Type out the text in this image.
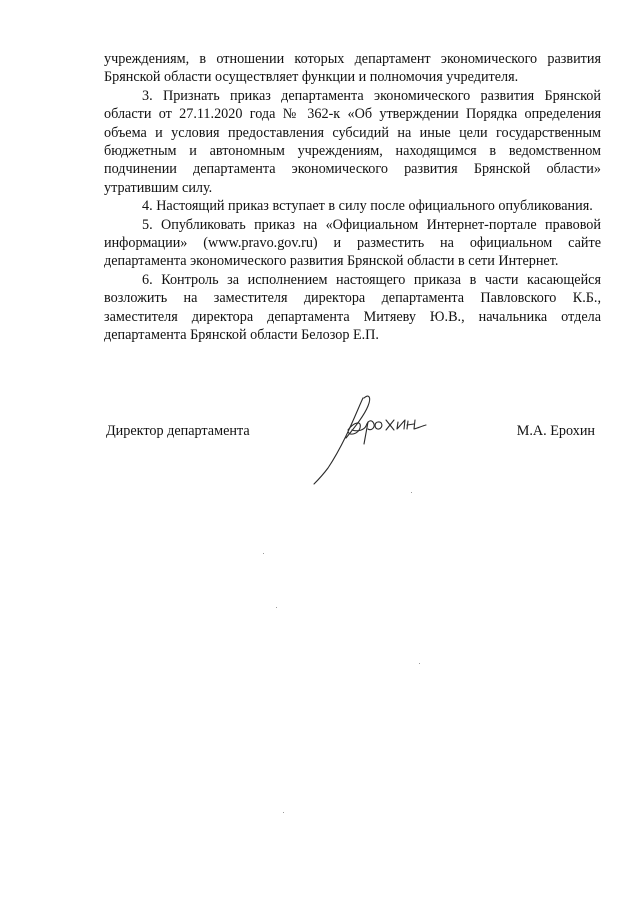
учреждениям, в отношении которых департамент экономического развития Брянской области осуществляет функции и полномочия учредителя.

3. Признать приказ департамента экономического развития Брянской области от 27.11.2020 года № 362-к «Об утверждении Порядка определения объема и условия предоставления субсидий на иные цели государственным бюджетным и автономным учреждениям, находящимся в ведомственном подчинении департамента экономического развития Брянской области» утратившим силу.

4. Настоящий приказ вступает в силу после официального опубликования.

5. Опубликовать приказ на «Официальном Интернет-портале правовой информации» (www.pravo.gov.ru) и разместить на официальном сайте департамента экономического развития Брянской области в сети Интернет.

6. Контроль за исполнением настоящего приказа в части касающейся возложить на заместителя директора департамента Павловского К.Б., заместителя директора департамента Митяеву Ю.В., начальника отдела департамента Брянской области Белозор Е.П.

Директор департамента	М.А. Ерохин
